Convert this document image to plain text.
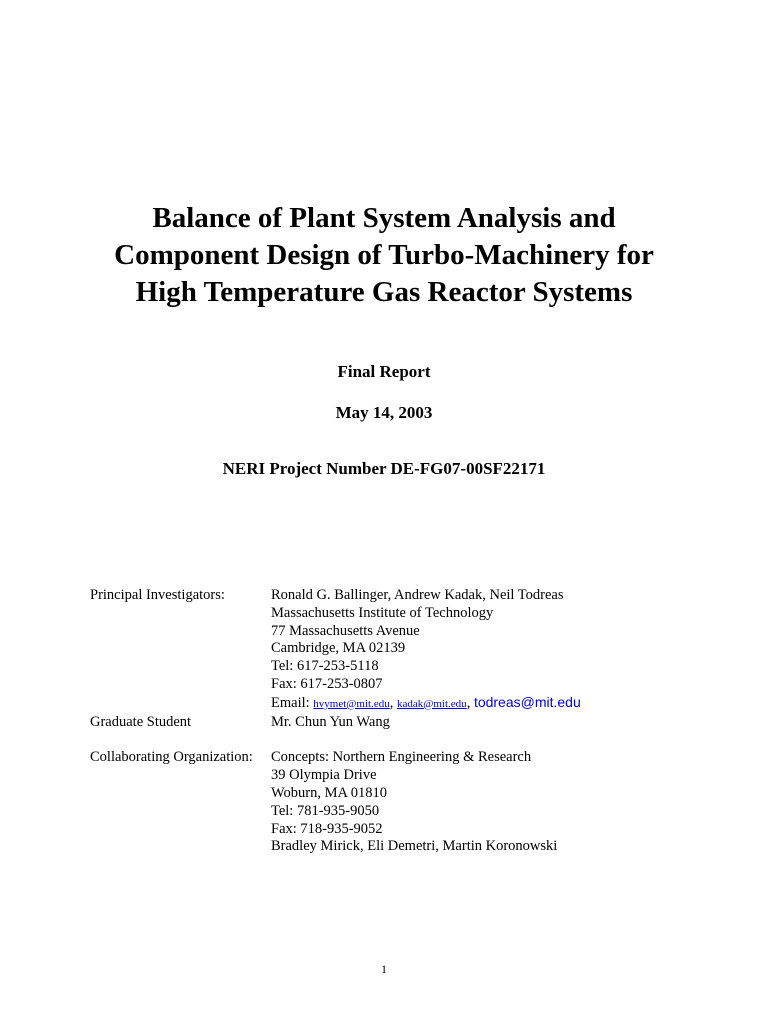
Balance of Plant System Analysis and
Component Design of Turbo-Machinery for
High Temperature Gas Reactor Systems
Final Report
May 14, 2003
NERI Project Number DE-FG07-00SF22171
Principal Investigators:	Ronald G. Ballinger, Andrew Kadak, Neil Todreas
Massachusetts Institute of Technology
77 Massachusetts Avenue
Cambridge, MA 02139
Tel: 617-253-5118
Fax: 617-253-0807
Email: hvymet@mit.edu, kadak@mit.edu, todreas@mit.edu
Graduate Student	Mr. Chun Yun Wang
Collaborating Organization:	Concepts: Northern Engineering & Research
39 Olympia Drive
Woburn, MA 01810
Tel: 781-935-9050
Fax: 718-935-9052
Bradley Mirick, Eli Demetri, Martin Koronowski
1
